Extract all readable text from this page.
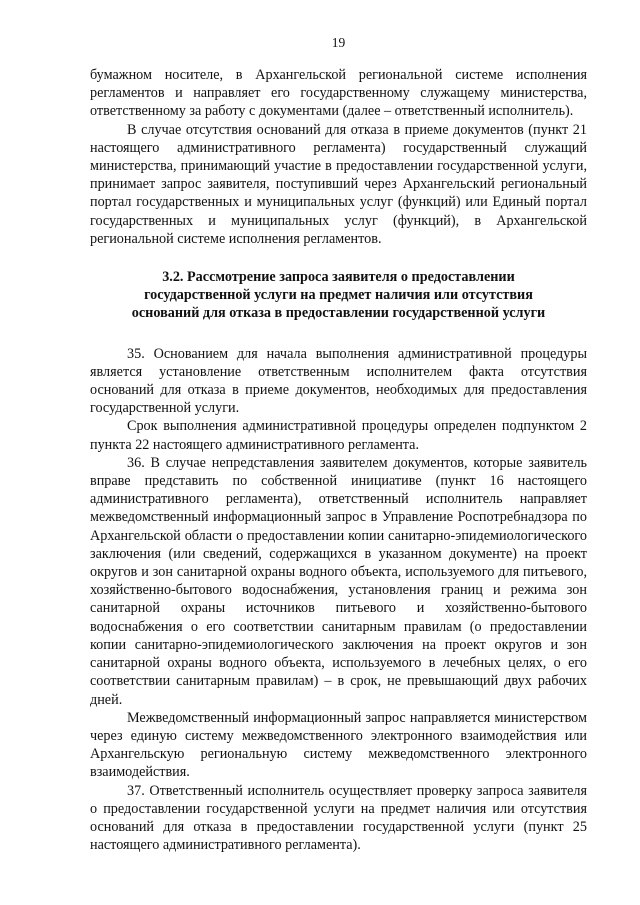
19

бумажном носителе, в Архангельской региональной системе исполнения регламентов и направляет его государственному служащему министерства, ответственному за работу с документами (далее – ответственный исполнитель).

В случае отсутствия оснований для отказа в приеме документов (пункт 21 настоящего административного регламента) государственный служащий министерства, принимающий участие в предоставлении государственной услуги, принимает запрос заявителя, поступивший через Архангельский региональный портал государственных и муниципальных услуг (функций) или Единый портал государственных и муниципальных услуг (функций), в Архангельской региональной системе исполнения регламентов.

3.2. Рассмотрение запроса заявителя о предоставлении
государственной услуги на предмет наличия или отсутствия
оснований для отказа в предоставлении государственной услуги

35. Основанием для начала выполнения административной процедуры является установление ответственным исполнителем факта отсутствия оснований для отказа в приеме документов, необходимых для предоставления государственной услуги.

Срок выполнения административной процедуры определен подпунктом 2 пункта 22 настоящего административного регламента.

36. В случае непредставления заявителем документов, которые заявитель вправе представить по собственной инициативе (пункт 16 настоящего административного регламента), ответственный исполнитель направляет межведомственный информационный запрос в Управление Роспотребнадзора по Архангельской области о предоставлении копии санитарно-эпидемиологического заключения (или сведений, содержащихся в указанном документе) на проект округов и зон санитарной охраны водного объекта, используемого для питьевого, хозяйственно-бытового водоснабжения, установления границ и режима зон санитарной охраны источников питьевого и хозяйственно-бытового водоснабжения о его соответствии санитарным правилам (о предоставлении копии санитарно-эпидемиологического заключения на проект округов и зон санитарной охраны водного объекта, используемого в лечебных целях, о его соответствии санитарным правилам) – в срок, не превышающий двух рабочих дней.

Межведомственный информационный запрос направляется министерством через единую систему межведомственного электронного взаимодействия или Архангельскую региональную систему межведомственного электронного взаимодействия.

37. Ответственный исполнитель осуществляет проверку запроса заявителя о предоставлении государственной услуги на предмет наличия или отсутствия оснований для отказа в предоставлении государственной услуги (пункт 25 настоящего административного регламента).
